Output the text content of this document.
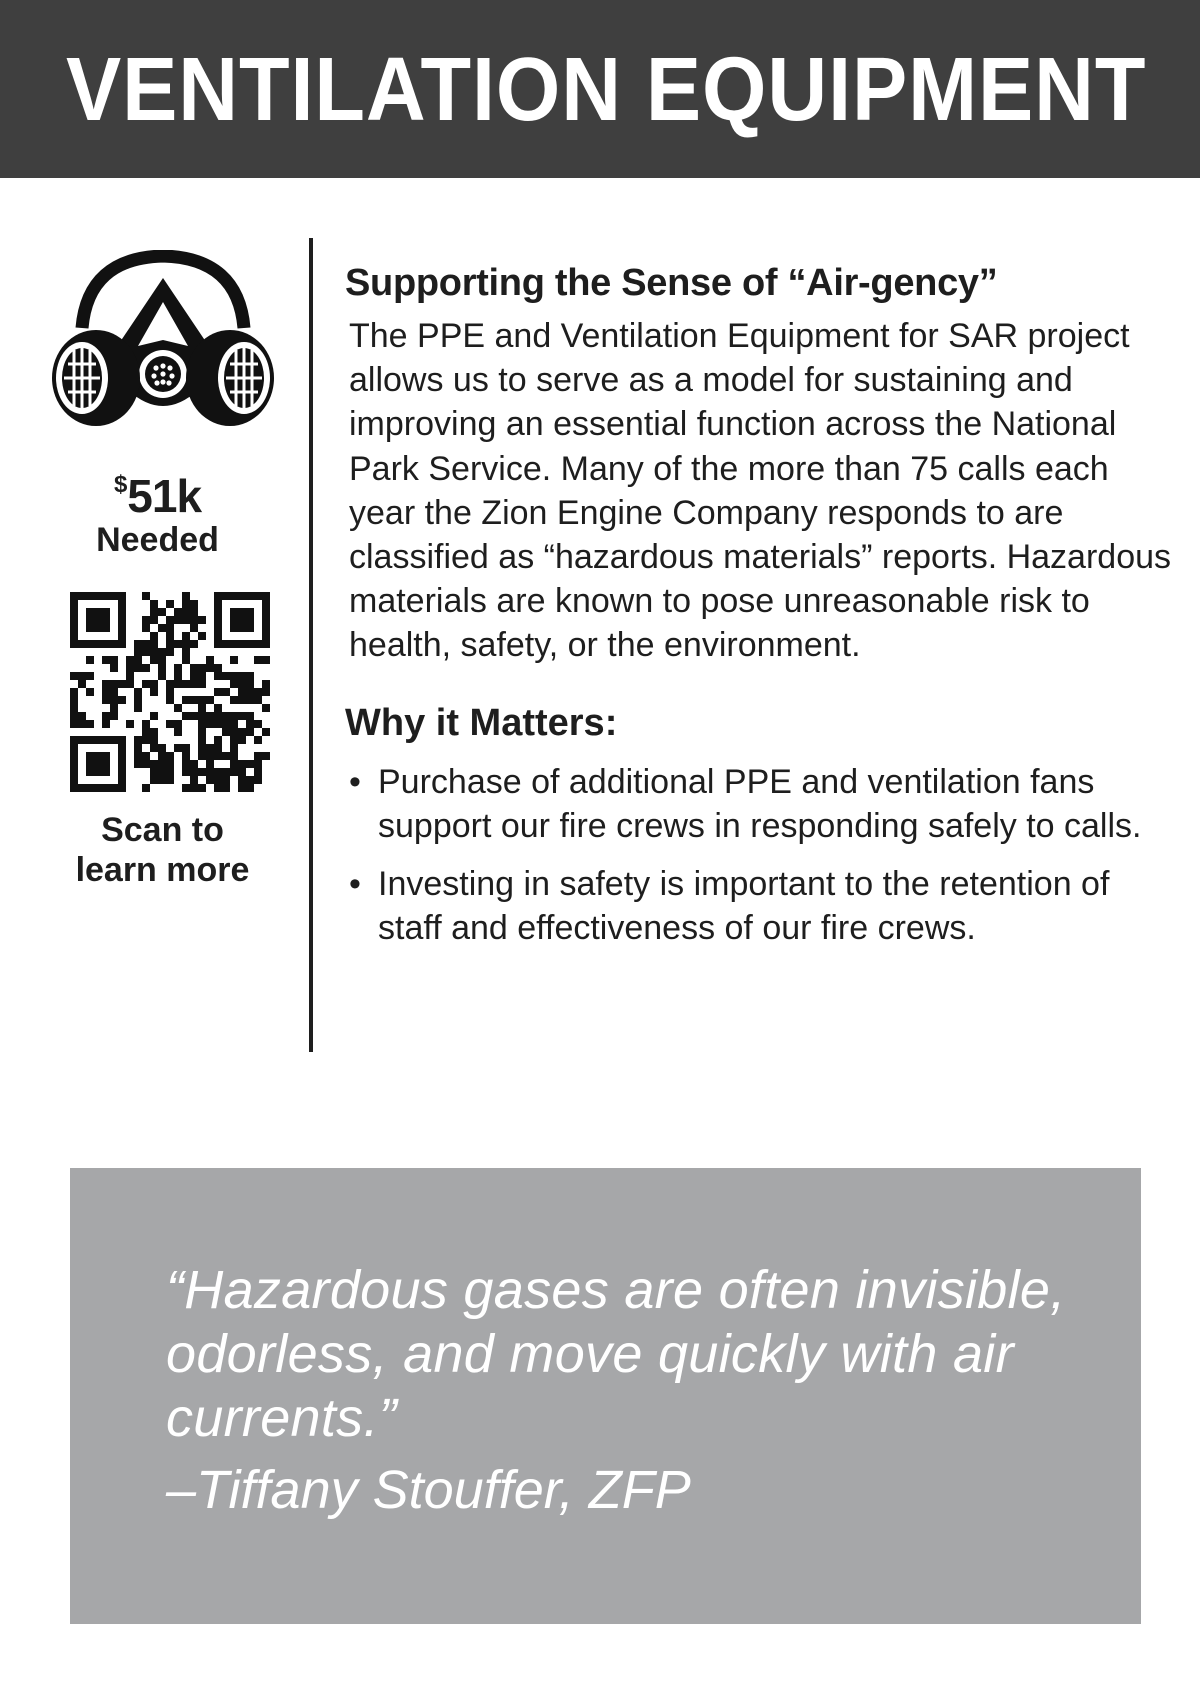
VENTILATION EQUIPMENT
$51k
Needed
Scan to
learn more
Supporting the Sense of “Air-gency”
The PPE and Ventilation Equipment for SAR project allows us to serve as a model for sustaining and improving an essential function across the National Park Service. Many of the more than 75 calls each year the Zion Engine Company responds to are classified as “hazardous materials” reports. Hazardous materials are known to pose unreasonable risk to health, safety, or the environment.
Why it Matters:
• Purchase of additional PPE and ventilation fans support our fire crews in responding safely to calls.
• Investing in safety is important to the retention of staff and effectiveness of our fire crews.
“Hazardous gases are often invisible, odorless, and move quickly with air currents.”
–Tiffany Stouffer, ZFP
